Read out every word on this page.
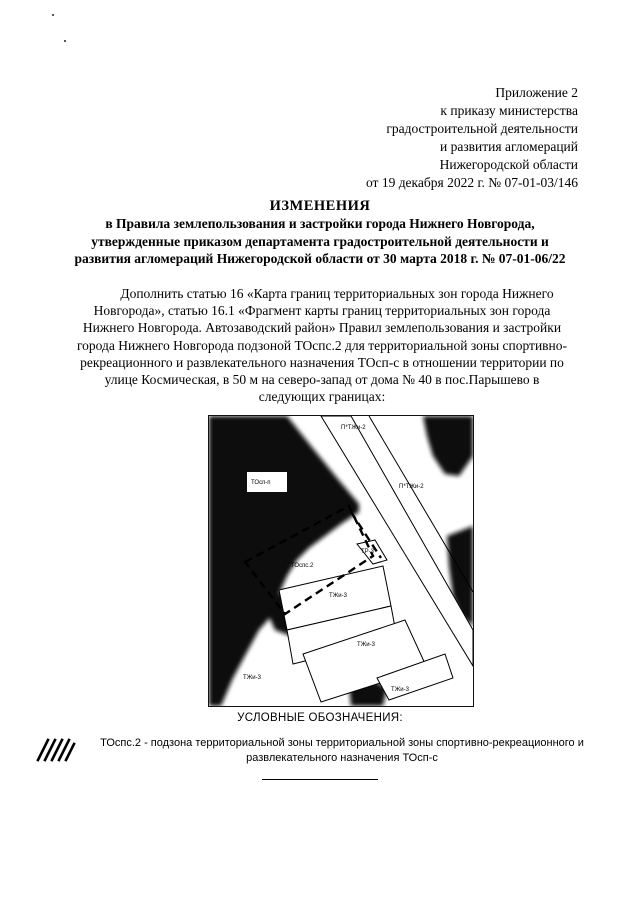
Приложение 2
к приказу министерства
градостроительной деятельности
и развития агломераций
Нижегородской области
от 19 декабря 2022 г. № 07-01-03/146
ИЗМЕНЕНИЯ
в Правила землепользования и застройки города Нижнего Новгорода,
утвержденные приказом департамента градостроительной деятельности и
развития агломераций Нижегородской области от 30 марта 2018 г. № 07-01-06/22
Дополнить статью 16 «Карта границ территориальных зон города Нижнего
Новгорода», статью 16.1 «Фрагмент карты границ территориальных зон города
Нижнего Новгорода. Автозаводский район» Правил землепользования и застройки
города Нижнего Новгорода подзоной ТОспс.2 для территориальной зоны спортивно-
рекреационного и развлекательного назначения ТОсп-с в отношении территории по
улице Космическая, в 50 м на северо-запад от дома № 40 в пос.Парышево в
следующих границах:
П*ТЖи-2
П*ТЖи-2
ТОсп-п
ТОспс.2
ТР-3
ТЖи-3
ТЖи-3
ТЖи-3
ТЖи-3
УСЛОВНЫЕ ОБОЗНАЧЕНИЯ:
ТОспс.2 - подзона территориальной зоны территориальной зоны спортивно-рекреационного и
развлекательного назначения ТОсп-с
